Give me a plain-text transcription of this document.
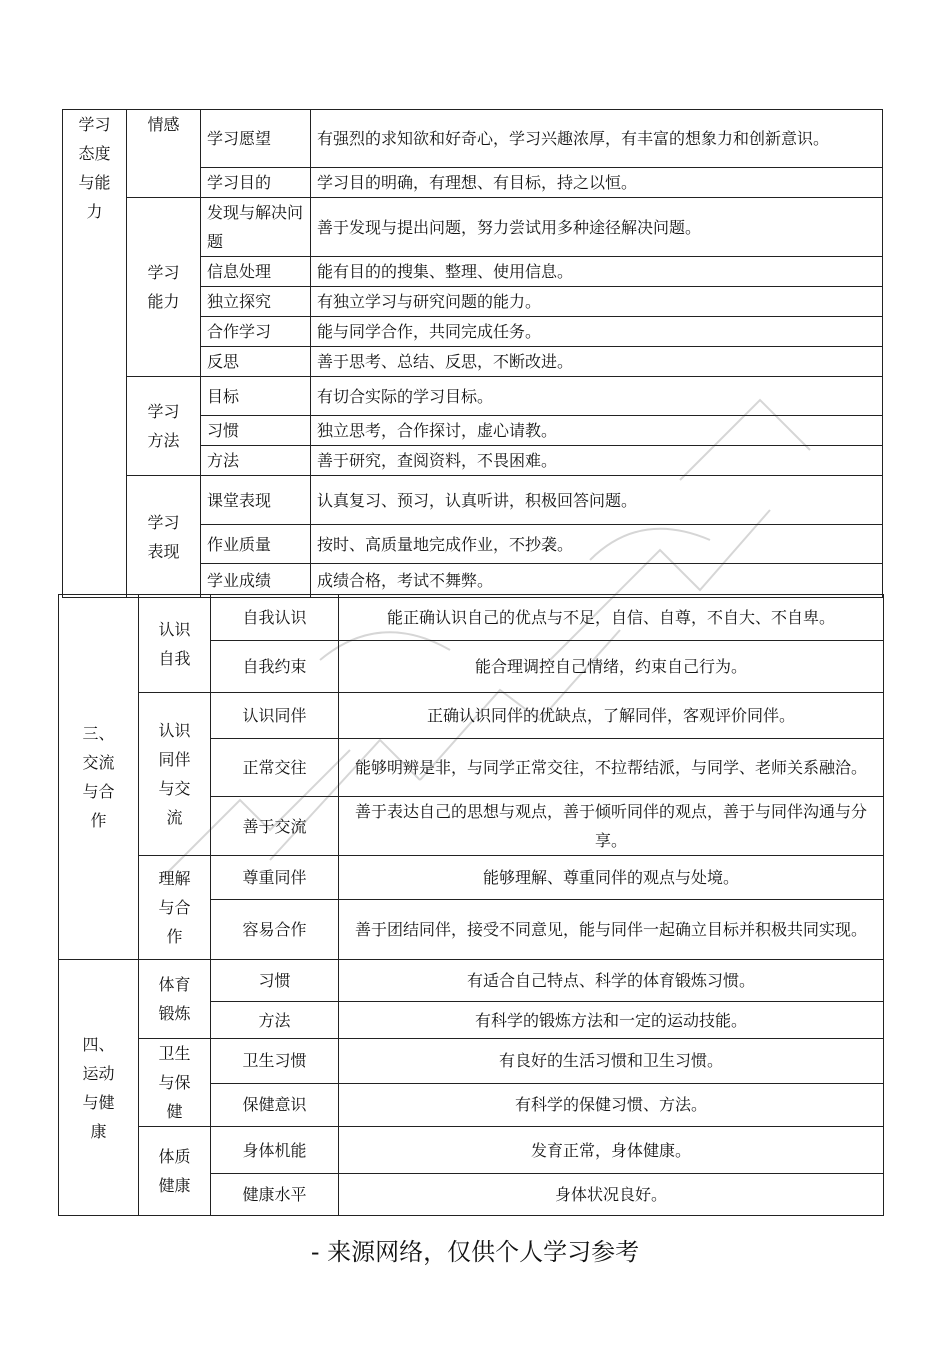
学习态度与能力	情感	学习愿望	有强烈的求知欲和好奇心，学习兴趣浓厚，有丰富的想象力和创新意识。
		学习目的	学习目的明确，有理想、有目标，持之以恒。

	学习能力	发现与解决问题	善于发现与提出问题，努力尝试用多种途径解决问题。
		信息处理	能有目的的搜集、整理、使用信息。
		独立探究	有独立学习与研究问题的能力。
		合作学习	能与同学合作，共同完成任务。
		反思	善于思考、总结、反思，不断改进。

	学习方法	目标	有切合实际的学习目标。
		习惯	独立思考，合作探讨，虚心请教。
		方法	善于研究，查阅资料，不畏困难。

	学习表现	课堂表现	认真复习、预习，认真听讲，积极回答问题。
		作业质量	按时、高质量地完成作业，不抄袭。
		学业成绩	成绩合格，考试不舞弊。
三、交流与合作	认识自我	自我认识	能正确认识自己的优点与不足，自信、自尊，不自大、不自卑。
		自我约束	能合理调控自己情绪，约束自己行为。

	认识同伴与交流	认识同伴	正确认识同伴的优缺点，了解同伴，客观评价同伴。
		正常交往	能够明辨是非，与同学正常交往，不拉帮结派，与同学、老师关系融洽。
		善于交流	善于表达自己的思想与观点，善于倾听同伴的观点，善于与同伴沟通与分享。

	理解与合作	尊重同伴	能够理解、尊重同伴的观点与处境。
		容易合作	善于团结同伴，接受不同意见，能与同伴一起确立目标并积极共同实现。

四、运动与健康	体育锻炼	习惯	有适合自己特点、科学的体育锻炼习惯。
		方法	有科学的锻炼方法和一定的运动技能。

	卫生与保健	卫生习惯	有良好的生活习惯和卫生习惯。
		保健意识	有科学的保健习惯、方法。

	体质健康	身体机能	发育正常，身体健康。
		健康水平	身体状况良好。
- 来源网络，仅供个人学习参考
